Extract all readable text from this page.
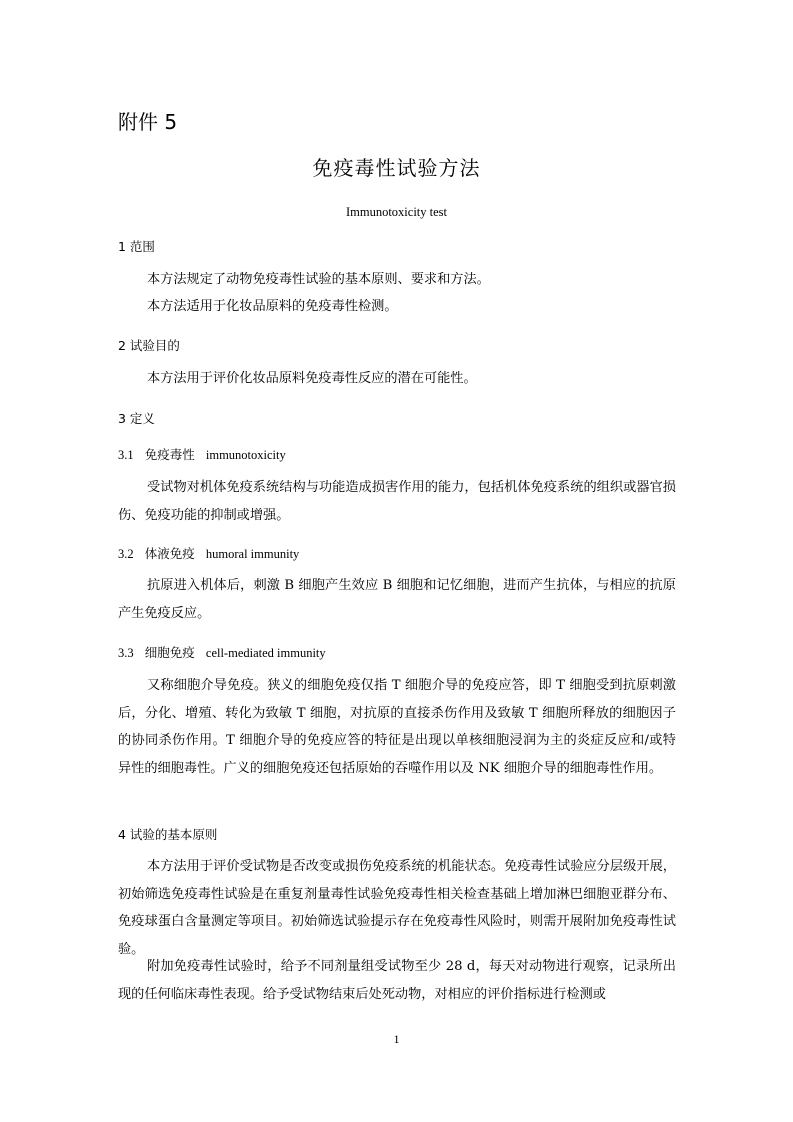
附件 5
免疫毒性试验方法
Immunotoxicity test
1 范围
本方法规定了动物免疫毒性试验的基本原则、要求和方法。
本方法适用于化妆品原料的免疫毒性检测。
2 试验目的
本方法用于评价化妆品原料免疫毒性反应的潜在可能性。
3 定义
3.1 免疫毒性 immunotoxicity
受试物对机体免疫系统结构与功能造成损害作用的能力，包括机体免疫系统的组织或器官损伤、免疫功能的抑制或增强。
3.2 体液免疫 humoral immunity
抗原进入机体后，刺激 B 细胞产生效应 B 细胞和记忆细胞，进而产生抗体，与相应的抗原产生免疫反应。
3.3 细胞免疫 cell-mediated immunity
又称细胞介导免疫。狭义的细胞免疫仅指 T 细胞介导的免疫应答，即 T 细胞受到抗原刺激后，分化、增殖、转化为致敏 T 细胞，对抗原的直接杀伤作用及致敏 T 细胞所释放的细胞因子的协同杀伤作用。T 细胞介导的免疫应答的特征是出现以单核细胞浸润为主的炎症反应和/或特异性的细胞毒性。广义的细胞免疫还包括原始的吞噬作用以及 NK 细胞介导的细胞毒性作用。
4 试验的基本原则
本方法用于评价受试物是否改变或损伤免疫系统的机能状态。免疫毒性试验应分层级开展，初始筛选免疫毒性试验是在重复剂量毒性试验免疫毒性相关检查基础上增加淋巴细胞亚群分布、免疫球蛋白含量测定等项目。初始筛选试验提示存在免疫毒性风险时，则需开展附加免疫毒性试验。
附加免疫毒性试验时，给予不同剂量组受试物至少 28 d，每天对动物进行观察，记录所出现的任何临床毒性表现。给予受试物结束后处死动物，对相应的评价指标进行检测或
1
